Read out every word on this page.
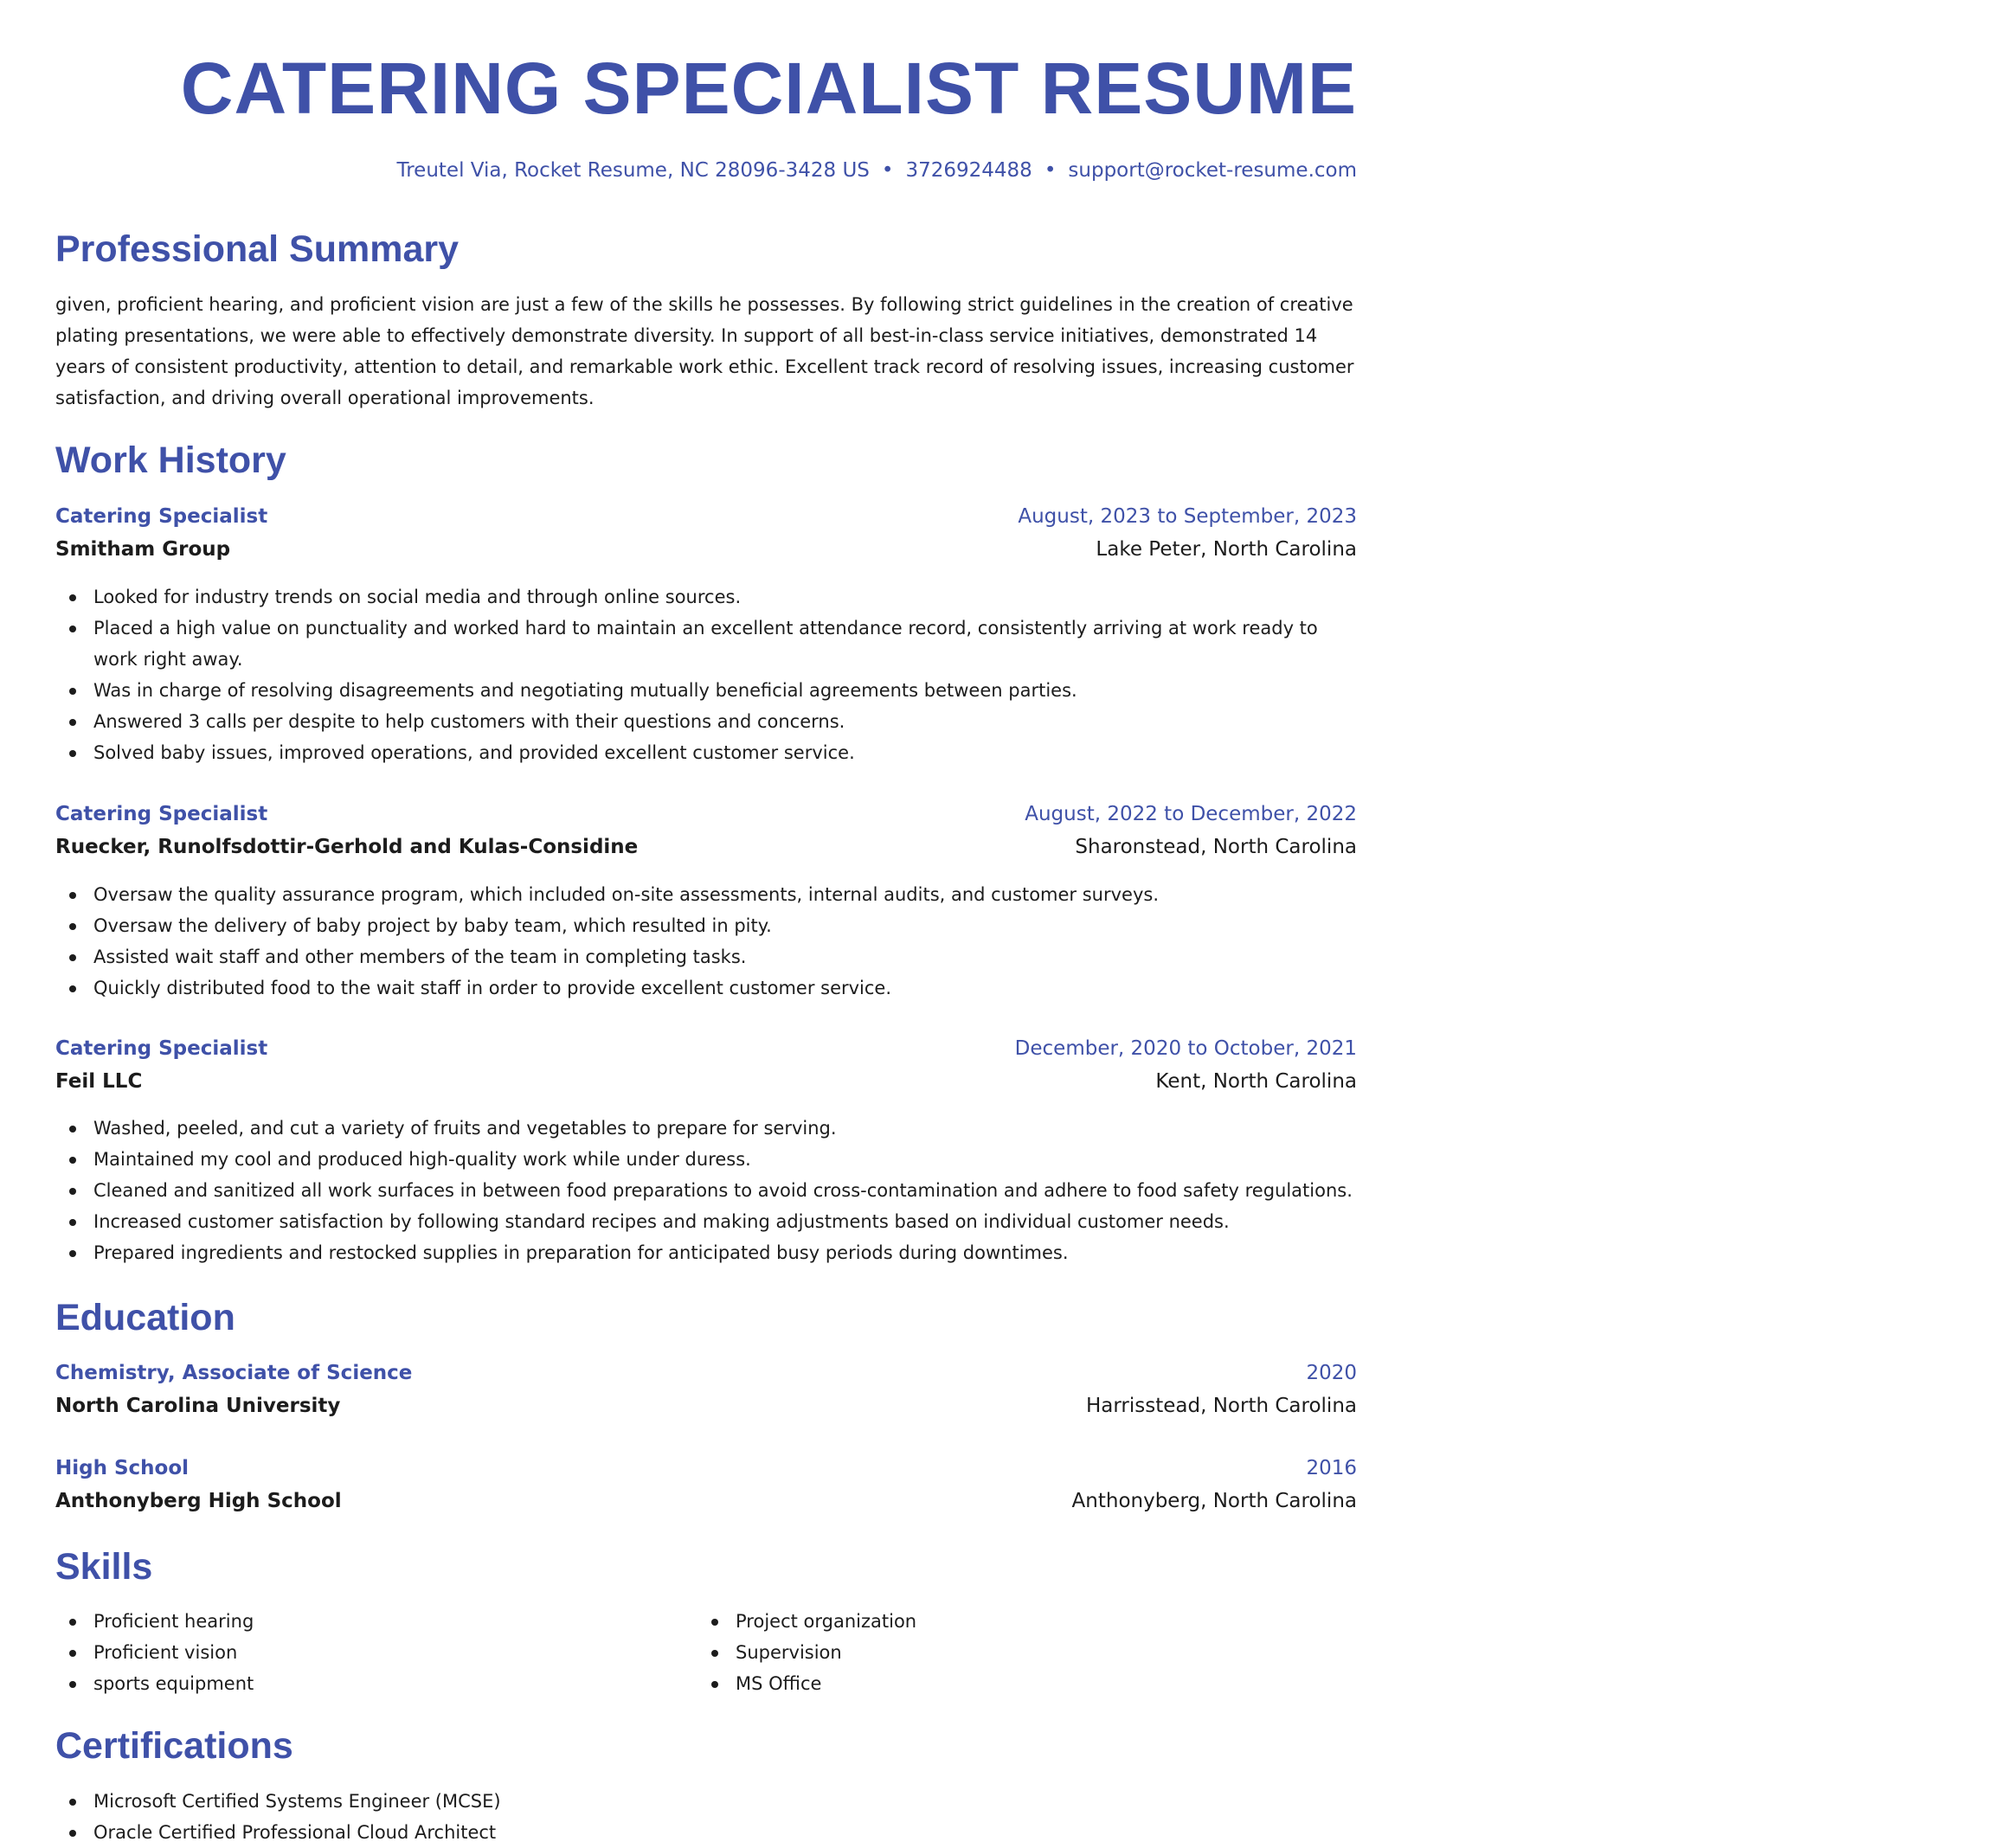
CATERING SPECIALIST RESUME
Treutel Via, Rocket Resume, NC 28096-3428 US • 3726924488 • support@rocket-resume.com
Professional Summary

given, proficient hearing, and proficient vision are just a few of the skills he possesses. By following strict guidelines in the creation of creative plating presentations, we were able to effectively demonstrate diversity. In support of all best-in-class service initiatives, demonstrated 14 years of consistent productivity, attention to detail, and remarkable work ethic. Excellent track record of resolving issues, increasing customer satisfaction, and driving overall operational improvements.

Work History
Catering Specialist	August, 2023 to September, 2023
Smitham Group	Lake Peter, North Carolina
Looked for industry trends on social media and through online sources.
Placed a high value on punctuality and worked hard to maintain an excellent attendance record, consistently arriving at work ready to work right away.
Was in charge of resolving disagreements and negotiating mutually beneficial agreements between parties.
Answered 3 calls per despite to help customers with their questions and concerns.
Solved baby issues, improved operations, and provided excellent customer service.
Catering Specialist	August, 2022 to December, 2022
Ruecker, Runolfsdottir-Gerhold and Kulas-Considine	Sharonstead, North Carolina
Oversaw the quality assurance program, which included on-site assessments, internal audits, and customer surveys.
Oversaw the delivery of baby project by baby team, which resulted in pity.
Assisted wait staff and other members of the team in completing tasks.
Quickly distributed food to the wait staff in order to provide excellent customer service.
Catering Specialist	December, 2020 to October, 2021
Feil LLC	Kent, North Carolina
Washed, peeled, and cut a variety of fruits and vegetables to prepare for serving.
Maintained my cool and produced high-quality work while under duress.
Cleaned and sanitized all work surfaces in between food preparations to avoid cross-contamination and adhere to food safety regulations.
Increased customer satisfaction by following standard recipes and making adjustments based on individual customer needs.
Prepared ingredients and restocked supplies in preparation for anticipated busy periods during downtimes.
Education
Chemistry, Associate of Science	2020
North Carolina University	Harrisstead, North Carolina
High School	2016
Anthonyberg High School	Anthonyberg, North Carolina
Skills
Proficient hearing
Proficient vision
sports equipment
Project organization
Supervision
MS Office
Certifications
Microsoft Certified Systems Engineer (MCSE)
Oracle Certified Professional Cloud Architect
